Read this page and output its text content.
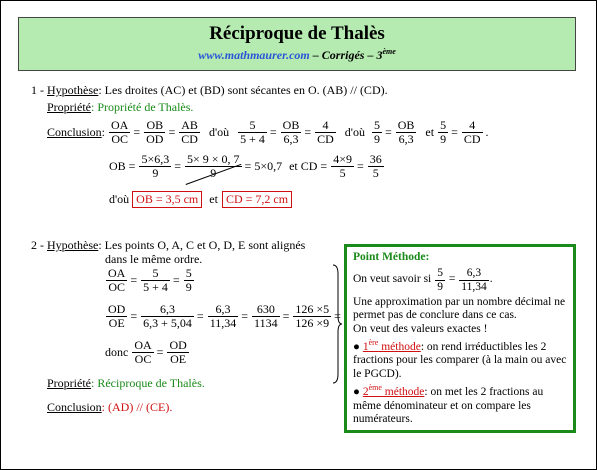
Réciproque de Thalès
www.mathmaurer.com – Corrigés – 3ème
1 - Hypothèse: Les droites (AC) et (BD) sont sécantes en O. (AB) // (CD).
Propriété: Propriété de Thalès.
Conclusion: $\frac{OA}{OC} = \frac{OB}{OD} = \frac{AB}{CD}$ d'où $\frac{5}{5 + 4} = \frac{OB}{6,3} = \frac{4}{CD}$ d'où $\frac{5}{9} = \frac{OB}{6,3}$ et $\frac{5}{9} = \frac{4}{CD}$ .
OB = $\frac{5\times 6,3}{9} = \frac{5\times 9 \times 0, 7}{9} = 5\times 0,7$ et CD = $\frac{4\times 9}{5} = \frac{36}{5}$
d'où OB = 3,5 cm et CD = 7,2 cm
2 - Hypothèse: Les points O, A, C et O, D, E sont alignés
dans le même ordre.
$\frac{OA}{OC} = \frac{5}{5 + 4} = \frac{5}{9}$
$\frac{OD}{OE} = \frac{6,3}{6,3 + 5,04} = \frac{6,3}{11,34} = \frac{630}{1134} = \frac{126 \times 5}{126 \times 9}$ =
donc $\frac{OA}{OC} = \frac{OD}{OE}$
Propriété: Réciproque de Thalès.
Conclusion: (AD) // (CE).
Point Méthode:
On veut savoir si $\frac{5}{9} = \frac{6,3}{11,34}$ .
Une approximation par un nombre décimal ne permet pas de conclure dans ce cas.
On veut des valeurs exactes !
● 1ère méthode: on rend irréductibles les 2 fractions pour les comparer (à la main ou avec le PGCD).
● 2ème méthode: on met les 2 fractions au même dénominateur et on compare les numérateurs.
